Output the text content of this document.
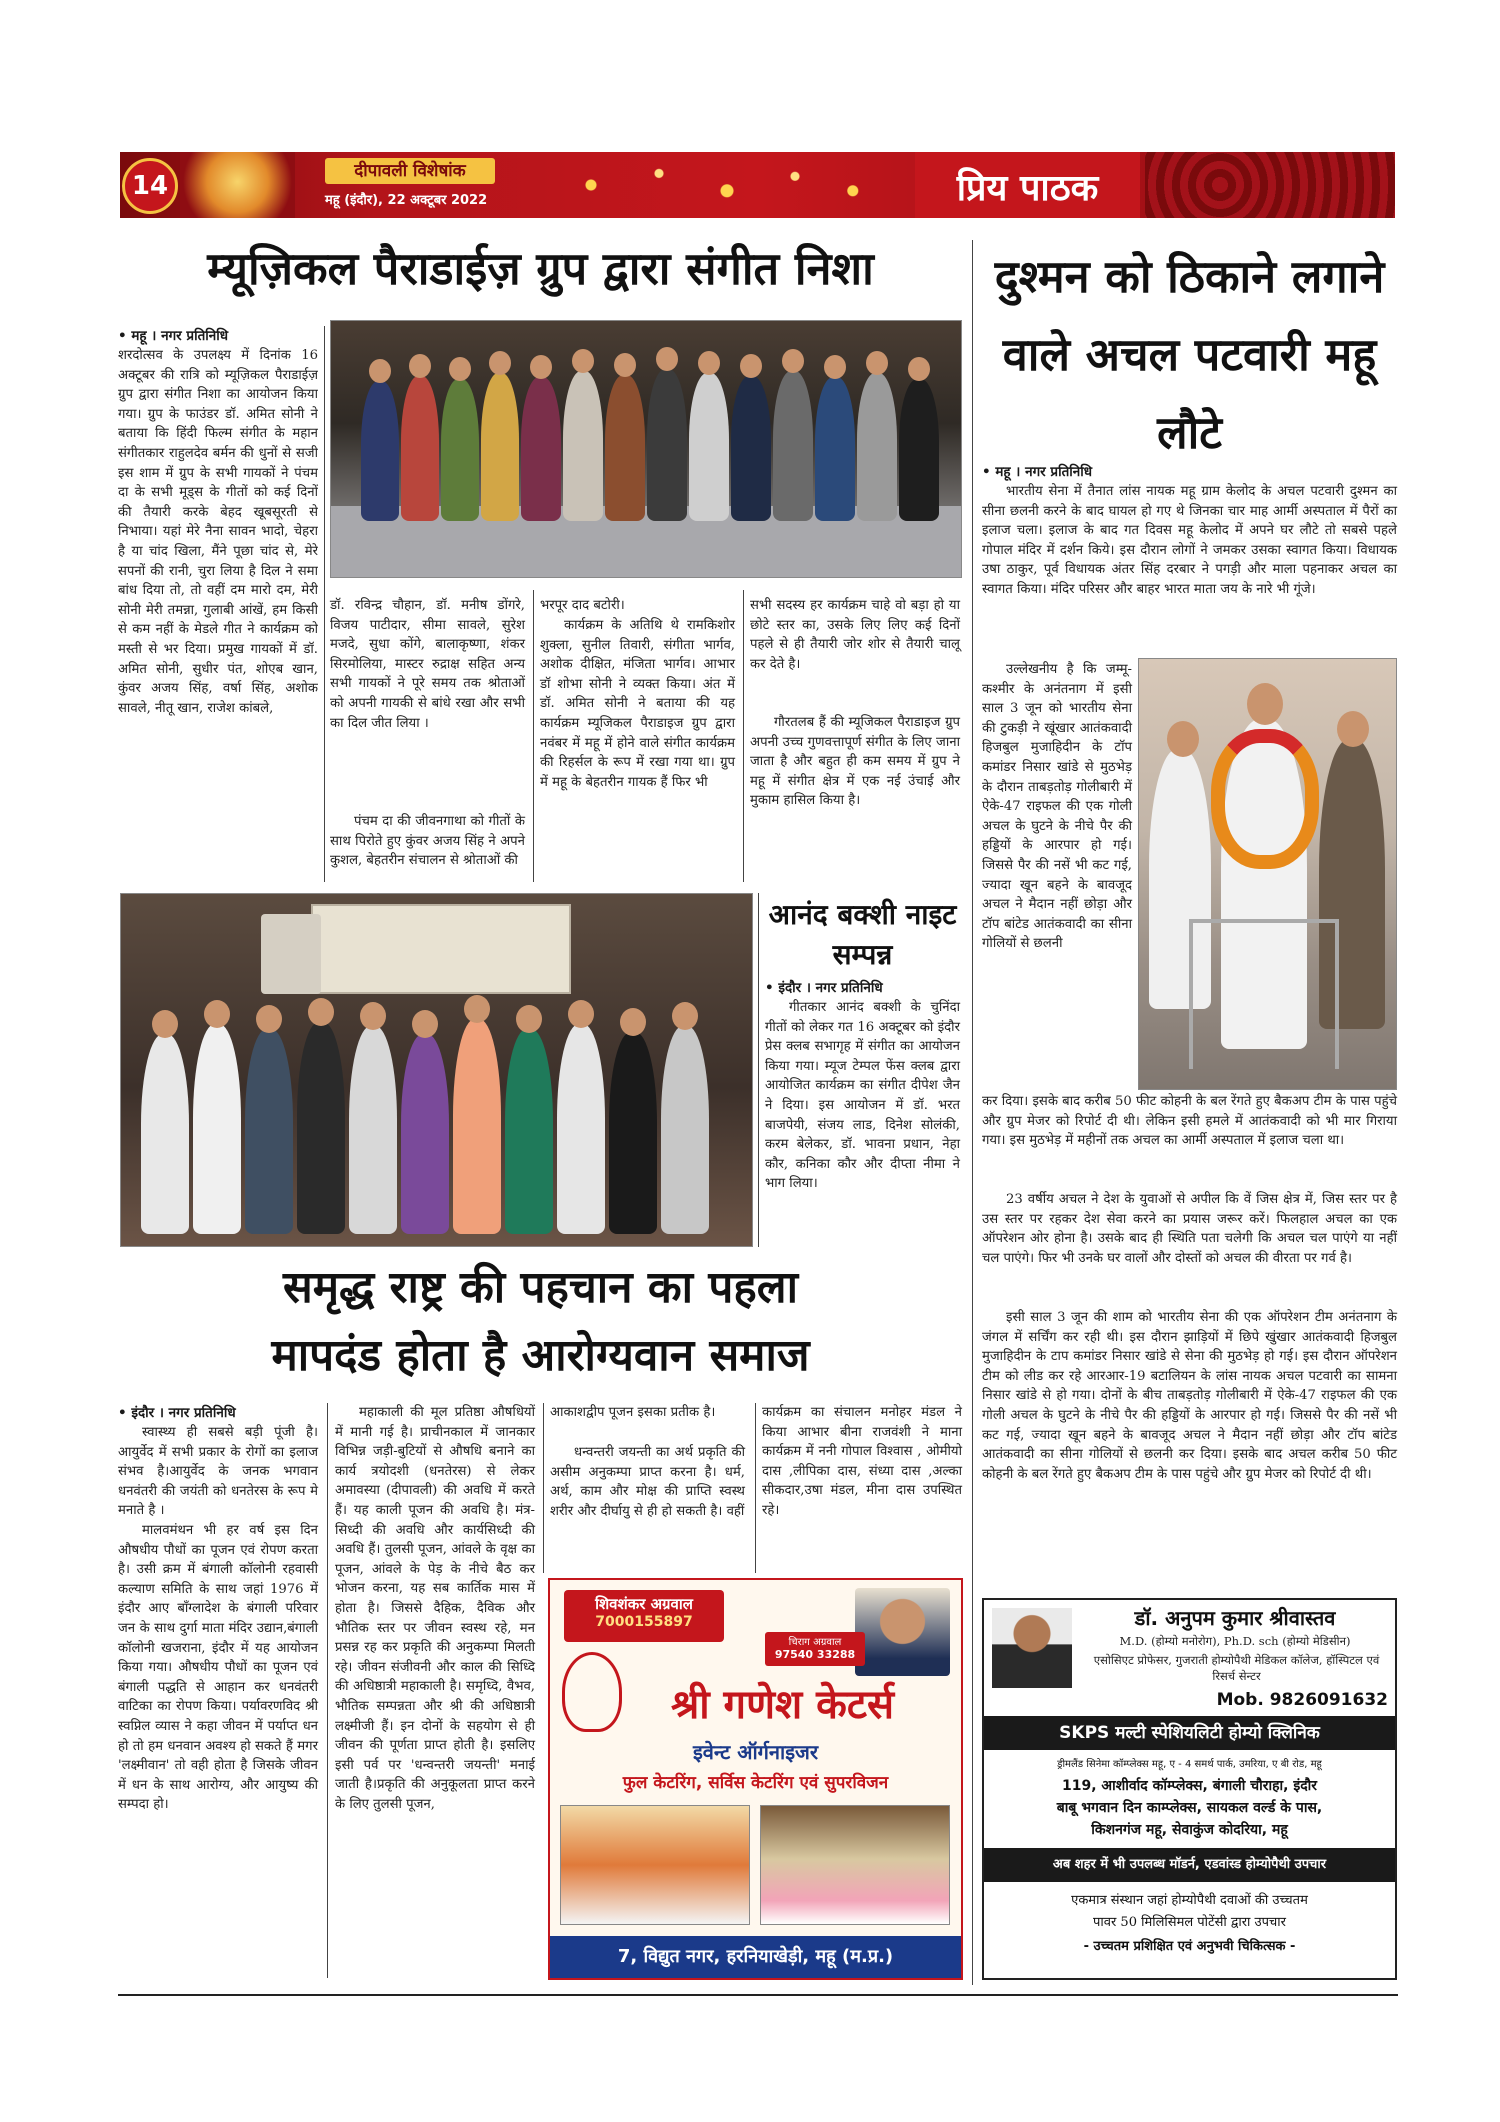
14	दीपावली विशेषांक
महू (इंदौर), 22 अक्टूबर 2022	प्रिय पाठक
म्यूज़िकल पैराडाईज़ ग्रुप द्वारा संगीत निशा
• महू । नगर प्रतिनिधि
शरदोत्सव के उपलक्ष्य में दिनांक 16 अक्टूबर की रात्रि को म्यूज़िकल पैराडाईज़ ग्रुप द्वारा संगीत निशा का आयोजन किया गया। ग्रुप के फाउंडर डॉ. अमित सोनी ने बताया कि हिंदी फिल्म संगीत के महान संगीतकार राहुलदेव बर्मन की धुनों से सजी इस शाम में ग्रुप के सभी गायकों ने पंचम दा के सभी मूड्स के गीतों को कई दिनों की तैयारी करके बेहद खूबसूरती से निभाया। यहां मेरे नैना सावन भादो, चेहरा है या चांद खिला, मैंने पूछा चांद से, मेरे सपनों की रानी, चुरा लिया है दिल ने समा बांध दिया तो, तो वहीं दम मारो दम, मेरी सोनी मेरी तमन्ना, गुलाबी आंखें, हम किसी से कम नहीं के मेडले गीत ने कार्यक्रम को मस्ती से भर दिया। प्रमुख गायकों में डॉ. अमित सोनी, सुधीर पंत, शोएब खान, कुंवर अजय सिंह, वर्षा सिंह, अशोक सावले, नीतू खान, राजेश कांबले,
डॉ. रविन्द्र चौहान, डॉ. मनीष डोंगरे, विजय पाटीदार, सीमा सावले, सुरेश मजदे, सुधा कोंगे, बालाकृष्णा, शंकर सिरमोलिया, मास्टर रुद्राक्ष सहित अन्य सभी गायकों ने पूरे समय तक श्रोताओं को अपनी गायकी से बांधे रखा और सभी का दिल जीत लिया ।
पंचम दा की जीवनगाथा को गीतों के साथ पिरोते हुए कुंवर अजय सिंह ने अपने कुशल, बेहतरीन संचालन से श्रोताओं की
भरपूर दाद बटोरी।
कार्यक्रम के अतिथि थे रामकिशोर शुक्ला, सुनील तिवारी, संगीता भार्गव, अशोक दीक्षित, मंजिता भार्गव। आभार डॉ शोभा सोनी ने व्यक्त किया। अंत में डॉ. अमित सोनी ने बताया की यह कार्यक्रम म्यूजिकल पैराडाइज ग्रुप द्वारा नवंबर में महू में होने वाले संगीत कार्यक्रम की रिहर्सल के रूप में रखा गया था। ग्रुप में महू के बेहतरीन गायक हैं फिर भी
सभी सदस्य हर कार्यक्रम चाहे वो बड़ा हो या छोटे स्तर का, उसके लिए लिए कई दिनों पहले से ही तैयारी जोर शोर से तैयारी चालू कर देते है।
गौरतलब हैं की म्यूजिकल पैराडाइज ग्रुप अपनी उच्च गुणवत्तापूर्ण संगीत के लिए जाना जाता है और बहुत ही कम समय में ग्रुप ने महू में संगीत क्षेत्र में एक नई उंचाई और मुकाम हासिल किया है।
आनंद बक्शी नाइट सम्पन्न
• इंदौर । नगर प्रतिनिधि
गीतकार आनंद बक्शी के चुनिंदा गीतों को लेकर गत 16 अक्टूबर को इंदौर प्रेस क्लब सभागृह में संगीत का आयोजन किया गया। म्यूज टेम्पल फेंस क्लब द्वारा आयोजित कार्यक्रम का संगीत दीपेश जैन ने दिया। इस आयोजन में डॉ. भरत बाजपेयी, संजय लाड, दिनेश सोलंकी, करम बेलेकर, डॉ. भावना प्रधान, नेहा कौर, कनिका कौर और दीप्ता नीमा ने भाग लिया।
समृद्ध राष्ट्र की पहचान का पहला
मापदंड होता है आरोग्यवान समाज
• इंदौर । नगर प्रतिनिधि
स्वास्थ्य ही सबसे बड़ी पूंजी है। आयुर्वेद में सभी प्रकार के रोगों का इलाज संभव है।आयुर्वेद के जनक भगवान धनवंतरी की जयंती को धनतेरस के रूप मे मनाते है ।
मालवमंथन भी हर वर्ष इस दिन औषधीय पौधों का पूजन एवं रोपण करता है। उसी क्रम में बंगाली कॉलोनी रहवासी कल्याण समिति के साथ जहां 1976 में इंदौर आए बॉंग्लादेश के बंगाली परिवार जन के साथ दुर्गा माता मंदिर उद्यान,बंगाली कॉलोनी खजराना, इंदौर में यह आयोजन किया गया। औषधीय पौधों का पूजन एवं बंगाली पद्धति से आहान कर धनवंतरी वाटिका का रोपण किया। पर्यावरणविद श्री स्वप्निल व्यास ने कहा जीवन में पर्याप्त धन हो तो हम धनवान अवश्य हो सकते हैं मगर 'लक्ष्मीवान' तो वही होता है जिसके जीवन में धन के साथ आरोग्य, और आयुष्य की सम्पदा हो।
महाकाली की मूल प्रतिष्ठा औषधियों में मानी गई है। प्राचीनकाल में जानकार विभिन्न जड़ी-बुटियों से औषधि बनाने का कार्य त्रयोदशी (धनतेरस) से लेकर अमावस्या (दीपावली) की अवधि में करते हैं। यह काली पूजन की अवधि है। मंत्र-सिध्दी की अवधि और कार्यसिध्दी की अवधि हैं। तुलसी पूजन, आंवले के वृक्ष का पूजन, आंवले के पेड़ के नीचे बैठ कर भोजन करना, यह सब कार्तिक मास में होता है। जिससे दैहिक, दैविक और भौतिक स्तर पर जीवन स्वस्थ रहे, मन प्रसन्न रह कर प्रकृति की अनुकम्पा मिलती रहे। जीवन संजीवनी और काल की सिध्दि की अधिष्ठात्री महाकाली है। समृध्दि, वैभव, भौतिक सम्पन्नता और श्री की अधिष्ठात्री लक्ष्मीजी हैं। इन दोनों के सहयोग से ही जीवन की पूर्णता प्राप्त होती है। इसलिए इसी पर्व पर 'धन्वन्तरी जयन्ती' मनाई जाती है।प्रकृति की अनुकूलता प्राप्त करने के लिए तुलसी पूजन,
आकाशद्वीप पूजन इसका प्रतीक है।
धन्वन्तरी जयन्ती का अर्थ प्रकृति की असीम अनुकम्पा प्राप्त करना है। धर्म, अर्थ, काम और मोक्ष की प्राप्ति स्वस्थ शरीर और दीर्घायु से ही हो सकती है। वहीं
कार्यक्रम का संचालन मनोहर मंडल ने किया आभार बीना राजवंशी ने माना कार्यक्रम में ननी गोपाल विश्वास , ओमीयो दास ,लीपिका दास, संध्या दास ,अल्का सीकदार,उषा मंडल, मीना दास उपस्थित रहे।
शिवशंकर अग्रवाल
7000155897
चिराग अग्रवाल
97540 33288
श्री गणेश केटर्स
इवेन्ट ऑर्गनाइजर
फुल केटरिंग, सर्विस केटरिंग एवं सुपरविजन
7, विद्युत नगर, हरनियाखेड़ी, महू (म.प्र.)
दुश्मन को ठिकाने लगाने वाले अचल पटवारी महू लौटे
• महू । नगर प्रतिनिधि
भारतीय सेना में तैनात लांस नायक महू ग्राम केलोद के अचल पटवारी दुश्मन का सीना छलनी करने के बाद घायल हो गए थे जिनका चार माह आर्मी अस्पताल में पैरों का इलाज चला। इलाज के बाद गत दिवस महू केलोद में अपने घर लौटे तो सबसे पहले गोपाल मंदिर में दर्शन किये। इस दौरान लोगों ने जमकर उसका स्वागत किया। विधायक उषा ठाकुर, पूर्व विधायक अंतर सिंह दरबार ने पगड़ी और माला पहनाकर अचल का स्वागत किया। मंदिर परिसर और बाहर भारत माता जय के नारे भी गूंजे।
उल्लेखनीय है कि जम्मू-कश्मीर के अनंतनाग में इसी साल 3 जून को भारतीय सेना की टुकड़ी ने खूंखार आतंकवादी हिजबुल मुजाहिदीन के टॉप कमांडर निसार खांडे से मुठभेड़ के दौरान ताबड़तोड़ गोलीबारी में ऐके-47 राइफल की एक गोली अचल के घुटने के नीचे पैर की हड्डियों के आरपार हो गई। जिससे पैर की नसें भी कट गई, ज्यादा खून बहने के बावजूद अचल ने मैदान नहीं छोड़ा और टॉप बांटेड आतंकवादी का सीना गोलियों से छलनी
कर दिया। इसके बाद करीब 50 फीट कोहनी के बल रेंगते हुए बैकअप टीम के पास पहुंचे और ग्रुप मेजर को रिपोर्ट दी थी। लेकिन इसी हमले में आतंकवादी को भी मार गिराया गया। इस मुठभेड़ में महीनों तक अचल का आर्मी अस्पताल में इलाज चला था।
23 वर्षीय अचल ने देश के युवाओं से अपील कि वें जिस क्षेत्र में, जिस स्तर पर है उस स्तर पर रहकर देश सेवा करने का प्रयास जरूर करें। फिलहाल अचल का एक ऑपरेशन ओर होना है। उसके बाद ही स्थिति पता चलेगी कि अचल चल पाएंगे या नहीं चल पाएंगे। फिर भी उनके घर वालों और दोस्तों को अचल की वीरता पर गर्व है।
इसी साल 3 जून की शाम को भारतीय सेना की एक ऑपरेशन टीम अनंतनाग के जंगल में सर्चिंग कर रही थी। इस दौरान झाड़ियों में छिपे खुंखार आतंकवादी हिजबुल मुजाहिदीन के टाप कमांडर निसार खांडे से सेना की मुठभेड़ हो गई। इस दौरान ऑपरेशन टीम को लीड कर रहे आरआर-19 बटालियन के लांस नायक अचल पटवारी का सामना निसार खांडे से हो गया। दोनों के बीच ताबड़तोड़ गोलीबारी में ऐके-47 राइफल की एक गोली अचल के घुटने के नीचे पैर की हड्डियों के आरपार हो गई। जिससे पैर की नसें भी कट गई, ज्यादा खून बहने के बावजूद अचल ने मैदान नहीं छोड़ा और टॉप बांटेड आतंकवादी का सीना गोलियों से छलनी कर दिया। इसके बाद अचल करीब 50 फीट कोहनी के बल रेंगते हुए बैकअप टीम के पास पहुंचे और ग्रुप मेजर को रिपोर्ट दी थी।
डॉ. अनुपम कुमार श्रीवास्तव
M.D. (होम्यो मनोरोग), Ph.D. sch (होम्यो मेडिसीन)
एसोसिएट प्रोफेसर, गुजराती होम्योपैथी मेडिकल कॉलेज, हॉस्पिटल एवं रिसर्च सेन्टर
Mob. 9826091632
SKPS मल्टी स्पेशियलिटी होम्यो क्लिनिक
ड्रीमलैंड सिनेमा कॉम्प्लेक्स महू, ए - 4 समर्थ पार्क, उमरिया, ए बी रोड, महू
119, आशीर्वाद कॉम्प्लेक्स, बंगाली चौराहा, इंदौर
बाबू भगवान दिन काम्प्लेक्स, सायकल वर्ल्ड के पास,
किशनगंज महू, सेवाकुंज कोदरिया, महू
अब शहर में भी उपलब्ध मॉडर्न, एडवांस्ड होम्योपैथी उपचार
एकमात्र संस्थान जहां होम्योपैथी दवाओं की उच्चतम
पावर 50 मिलिसिमल पोटेंसी द्वारा उपचार
- उच्चतम प्रशिक्षित एवं अनुभवी चिकित्सक -
